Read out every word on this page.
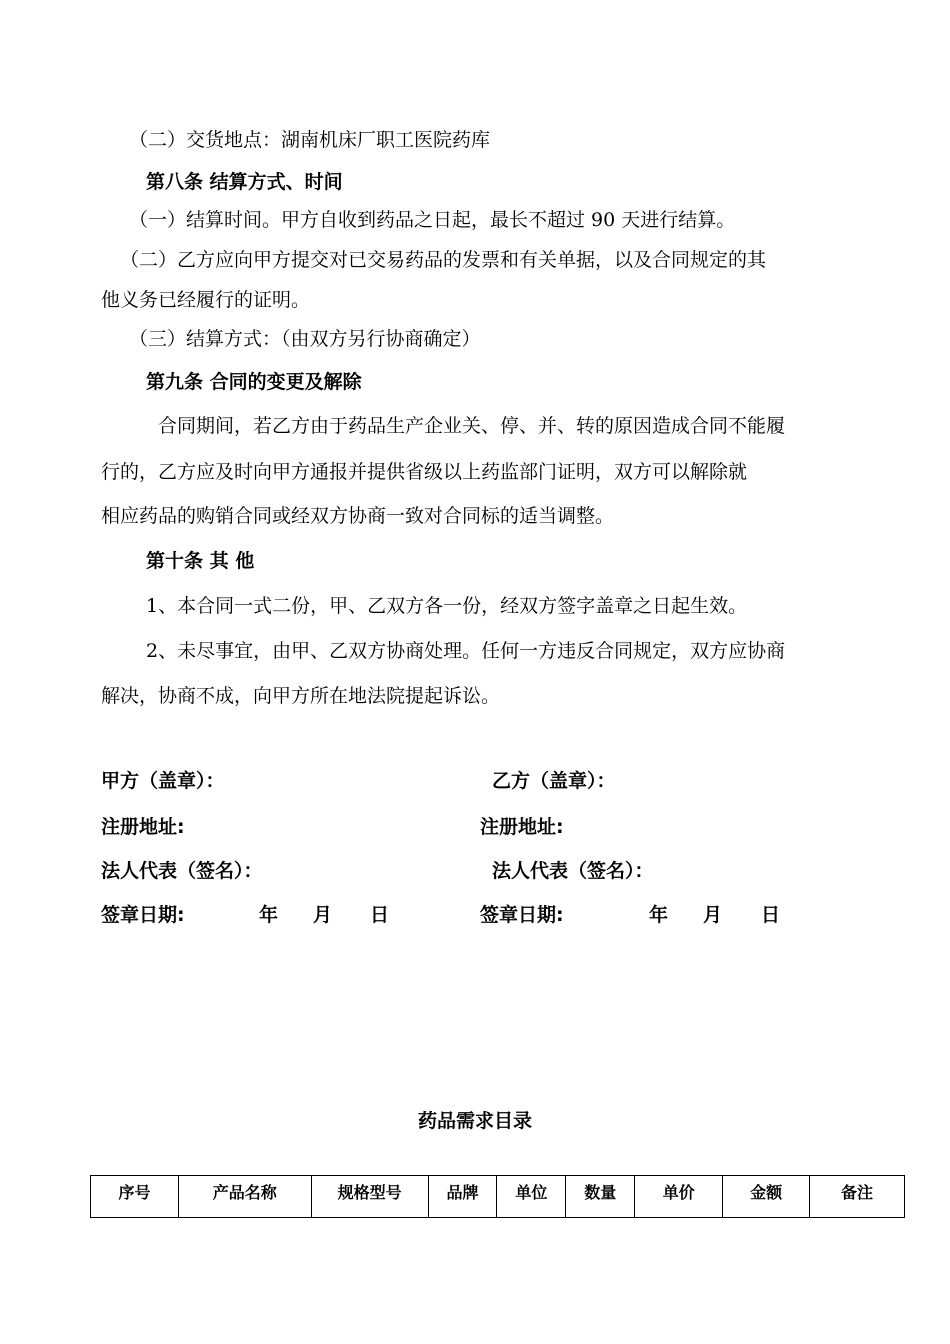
（二）交货地点：湖南机床厂职工医院药库
第八条 结算方式、时间
（一）结算时间。甲方自收到药品之日起，最长不超过 90 天进行结算。
（二）乙方应向甲方提交对已交易药品的发票和有关单据，以及合同规定的其
他义务已经履行的证明。
（三）结算方式：（由双方另行协商确定）
第九条 合同的变更及解除
合同期间，若乙方由于药品生产企业关、停、并、转的原因造成合同不能履
行的，乙方应及时向甲方通报并提供省级以上药监部门证明，双方可以解除就
相应药品的购销合同或经双方协商一致对合同标的适当调整。
第十条 其 他
1、本合同一式二份，甲、乙双方各一份，经双方签字盖章之日起生效。
2、未尽事宜，由甲、乙双方协商处理。任何一方违反合同规定，双方应协商
解决，协商不成，向甲方所在地法院提起诉讼。
甲方（盖章）：
注册地址:
法人代表（签名）：
签章日期:	年 月 日
乙方（盖章）：
注册地址:
法人代表（签名）：
签章日期:	年 月 日
药品需求目录
序号	产品名称	规格型号	品牌	单位	数量	单价	金额	备注
